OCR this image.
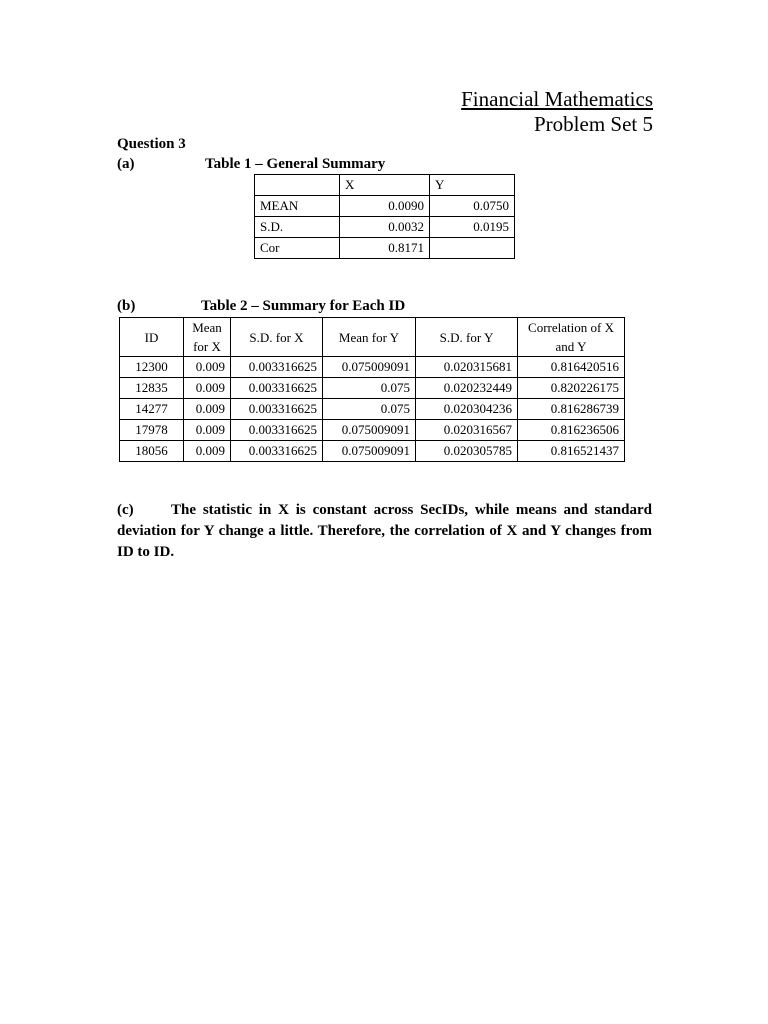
Financial Mathematics
Problem Set 5
Question 3
(a)	Table 1 – General Summary
	X	Y
MEAN	0.0090	0.0750
S.D.	0.0032	0.0195
Cor	0.8171	
(b)	Table 2 – Summary for Each ID
ID	Mean for X	S.D. for X	Mean for Y	S.D. for Y	Correlation of X and Y
12300	0.009	0.003316625	0.075009091	0.020315681	0.816420516
12835	0.009	0.003316625	0.075	0.020232449	0.820226175
14277	0.009	0.003316625	0.075	0.020304236	0.816286739
17978	0.009	0.003316625	0.075009091	0.020316567	0.816236506
18056	0.009	0.003316625	0.075009091	0.020305785	0.816521437
(c) The statistic in X is constant across SecIDs, while means and standard deviation for Y change a little. Therefore, the correlation of X and Y changes from ID to ID.
